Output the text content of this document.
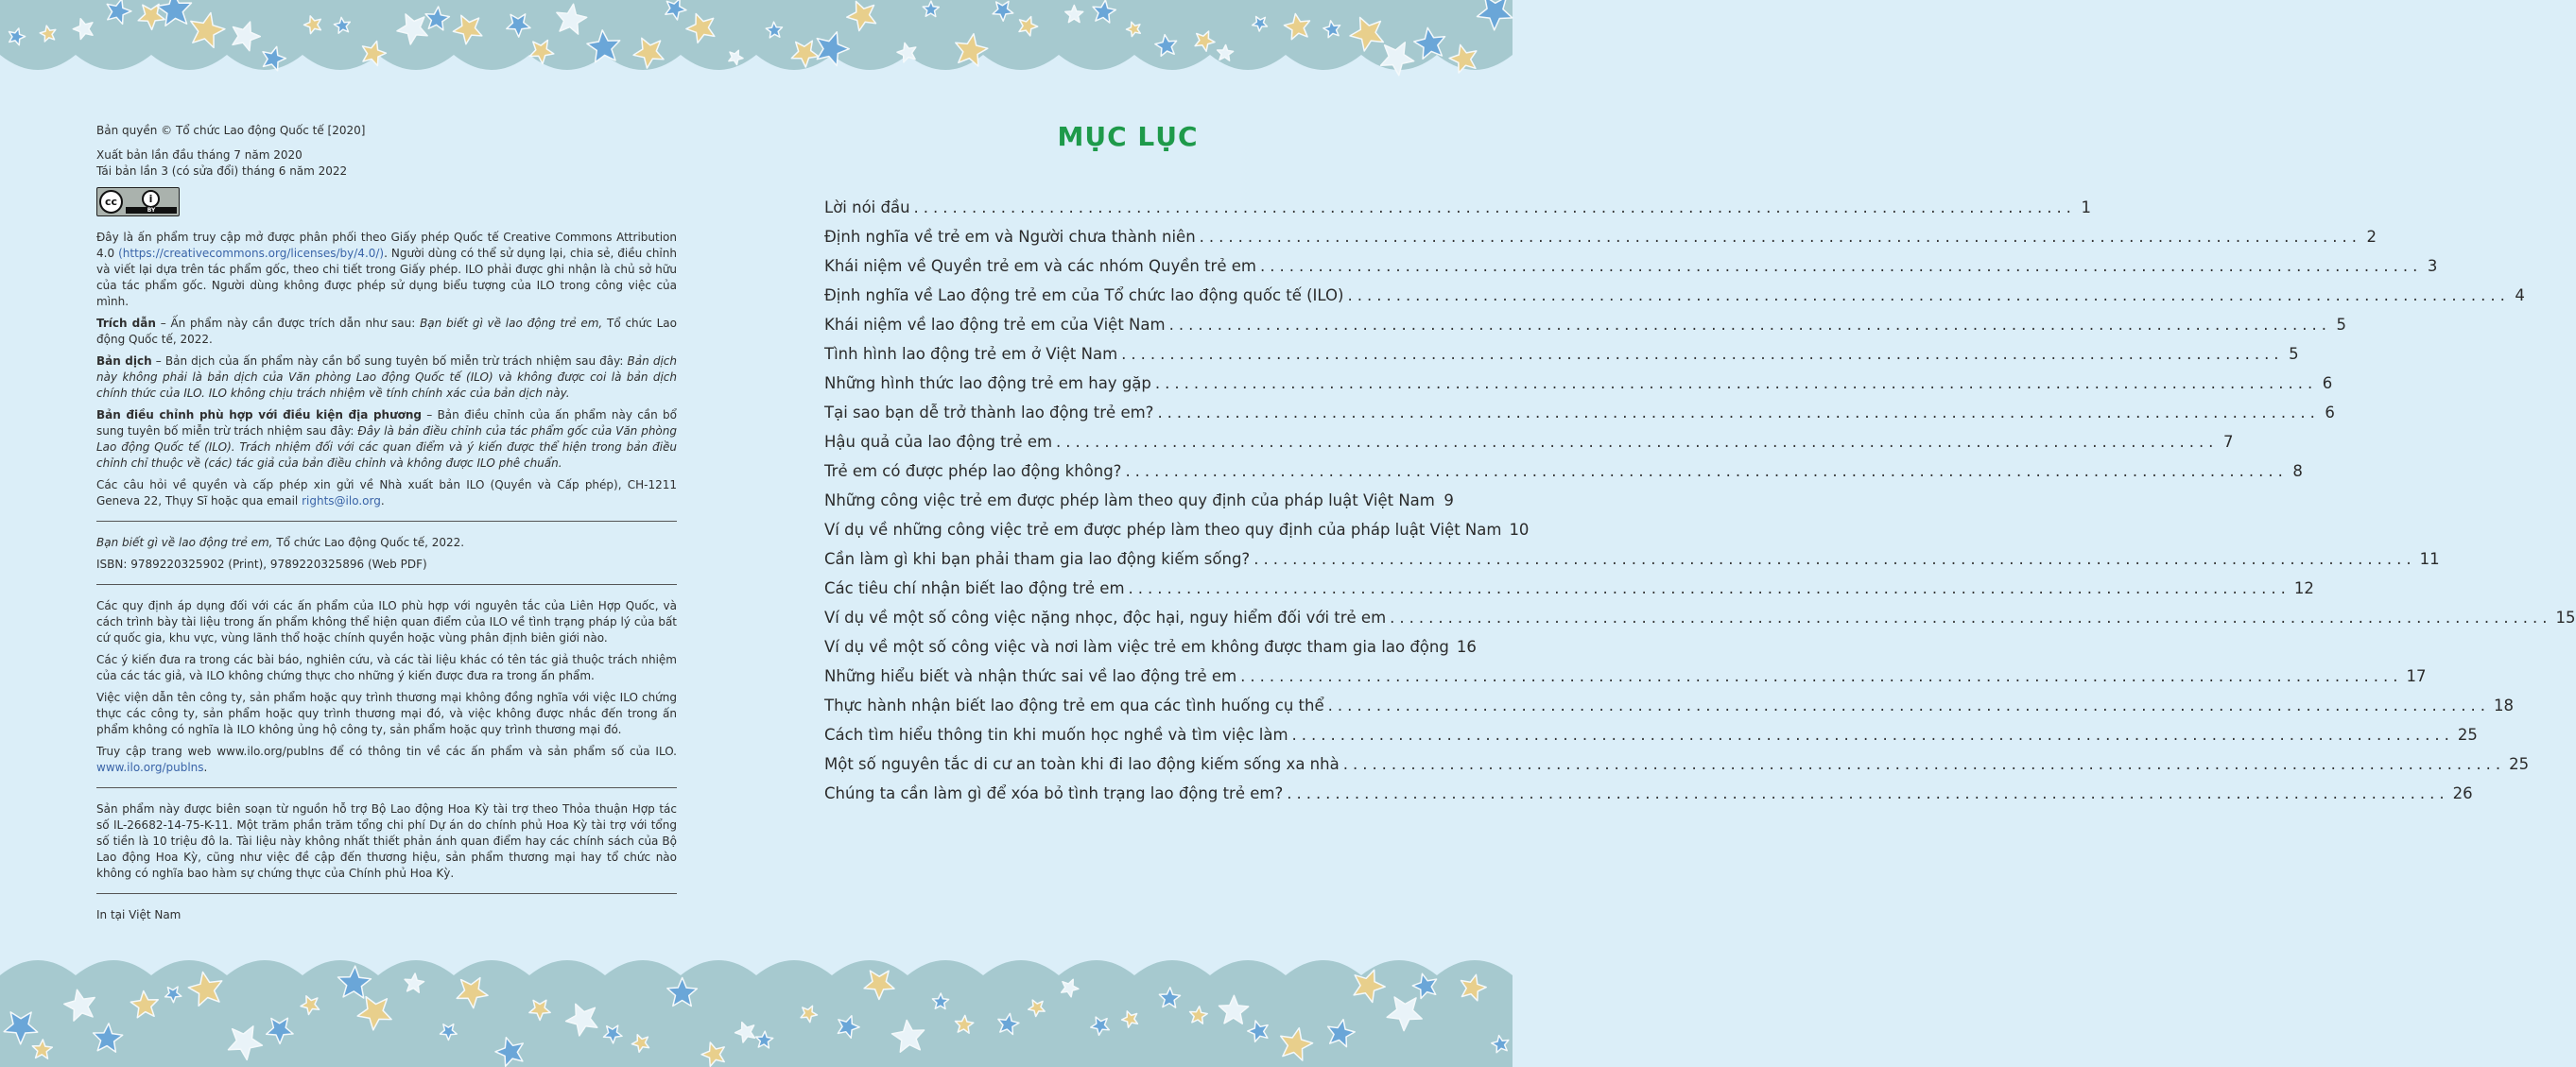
Bản quyền © Tổ chức Lao động Quốc tế [2020]

Xuất bản lần đầu tháng 7 năm 2020

Tái bản lần 3 (có sửa đổi) tháng 6 năm 2022

cc	i
BY

Đây là ấn phẩm truy cập mở được phân phối theo Giấy phép Quốc tế Creative Commons Attribution 4.0 (https://creativecommons.org/licenses/by/4.0/). Người dùng có thể sử dụng lại, chia sẻ, điều chỉnh và viết lại dựa trên tác phẩm gốc, theo chi tiết trong Giấy phép. ILO phải được ghi nhận là chủ sở hữu của tác phẩm gốc. Người dùng không được phép sử dụng biểu tượng của ILO trong công việc của mình.

Trích dẫn – Ấn phẩm này cần được trích dẫn như sau: Bạn biết gì về lao động trẻ em, Tổ chức Lao động Quốc tế, 2022.

Bản dịch – Bản dịch của ấn phẩm này cần bổ sung tuyên bố miễn trừ trách nhiệm sau đây: Bản dịch này không phải là bản dịch của Văn phòng Lao động Quốc tế (ILO) và không được coi là bản dịch chính thức của ILO. ILO không chịu trách nhiệm về tính chính xác của bản dịch này.

Bản điều chỉnh phù hợp với điều kiện địa phương – Bản điều chỉnh của ấn phẩm này cần bổ sung tuyên bố miễn trừ trách nhiệm sau đây: Đây là bản điều chỉnh của tác phẩm gốc của Văn phòng Lao động Quốc tế (ILO). Trách nhiệm đối với các quan điểm và ý kiến được thể hiện trong bản điều chỉnh chỉ thuộc về (các) tác giả của bản điều chỉnh và không được ILO phê chuẩn.

Các câu hỏi về quyền và cấp phép xin gửi về Nhà xuất bản ILO (Quyền và Cấp phép), CH-1211 Geneva 22, Thụy Sĩ hoặc qua email rights@ilo.org.

Bạn biết gì về lao động trẻ em, Tổ chức Lao động Quốc tế, 2022.

ISBN: 9789220325902 (Print), 9789220325896 (Web PDF)

Các quy định áp dụng đối với các ấn phẩm của ILO phù hợp với nguyên tắc của Liên Hợp Quốc, và cách trình bày tài liệu trong ấn phẩm không thể hiện quan điểm của ILO về tình trạng pháp lý của bất cứ quốc gia, khu vực, vùng lãnh thổ hoặc chính quyền hoặc vùng phân định biên giới nào.

Các ý kiến đưa ra trong các bài báo, nghiên cứu, và các tài liệu khác có tên tác giả thuộc trách nhiệm của các tác giả, và ILO không chứng thực cho những ý kiến được đưa ra trong ấn phẩm.

Việc viện dẫn tên công ty, sản phẩm hoặc quy trình thương mại không đồng nghĩa với việc ILO chứng thực các công ty, sản phẩm hoặc quy trình thương mại đó, và việc không được nhắc đến trong ấn phẩm không có nghĩa là ILO không ủng hộ công ty, sản phẩm hoặc quy trình thương mại đó.

Truy cập trang web www.ilo.org/publns để có thông tin về các ấn phẩm và sản phẩm số của ILO. www.ilo.org/publns.

Sản phẩm này được biên soạn từ nguồn hỗ trợ Bộ Lao động Hoa Kỳ tài trợ theo Thỏa thuận Hợp tác số IL-26682-14-75-K-11. Một trăm phần trăm tổng chi phí Dự án do chính phủ Hoa Kỳ tài trợ với tổng số tiền là 10 triệu đô la. Tài liệu này không nhất thiết phản ánh quan điểm hay các chính sách của Bộ Lao động Hoa Kỳ, cũng như việc đề cập đến thương hiệu, sản phẩm thương mại hay tổ chức nào không có nghĩa bao hàm sự chứng thực của Chính phủ Hoa Kỳ.

In tại Việt Nam

MỤC LỤC
Lời nói đầu ........................................................................................................................ 1
Định nghĩa về trẻ em và Người chưa thành niên ........................................................................................................................ 2
Khái niệm về Quyền trẻ em và các nhóm Quyền trẻ em ........................................................................................................................ 3
Định nghĩa về Lao động trẻ em của Tổ chức lao động quốc tế (ILO) ........................................................................................................................ 4
Khái niệm về lao động trẻ em của Việt Nam ........................................................................................................................ 5
Tình hình lao động trẻ em ở Việt Nam ........................................................................................................................ 5
Những hình thức lao động trẻ em hay gặp ........................................................................................................................ 6
Tại sao bạn dễ trở thành lao động trẻ em? ........................................................................................................................ 6
Hậu quả của lao động trẻ em ........................................................................................................................ 7
Trẻ em có được phép lao động không? ........................................................................................................................ 8
Những công việc trẻ em được phép làm theo quy định của pháp luật Việt Nam 9
Ví dụ về những công việc trẻ em được phép làm theo quy định của pháp luật Việt Nam 10
Cần làm gì khi bạn phải tham gia lao động kiếm sống? ........................................................................................................................ 11
Các tiêu chí nhận biết lao động trẻ em ........................................................................................................................ 12
Ví dụ về một số công việc nặng nhọc, độc hại, nguy hiểm đối với trẻ em ........................................................................................................................ 15
Ví dụ về một số công việc và nơi làm việc trẻ em không được tham gia lao động 16
Những hiểu biết và nhận thức sai về lao động trẻ em ........................................................................................................................ 17
Thực hành nhận biết lao động trẻ em qua các tình huống cụ thể ........................................................................................................................ 18
Cách tìm hiểu thông tin khi muốn học nghề và tìm việc làm ........................................................................................................................ 25
Một số nguyên tắc di cư an toàn khi đi lao động kiếm sống xa nhà ........................................................................................................................ 25
Chúng ta cần làm gì để xóa bỏ tình trạng lao động trẻ em? ........................................................................................................................ 26
